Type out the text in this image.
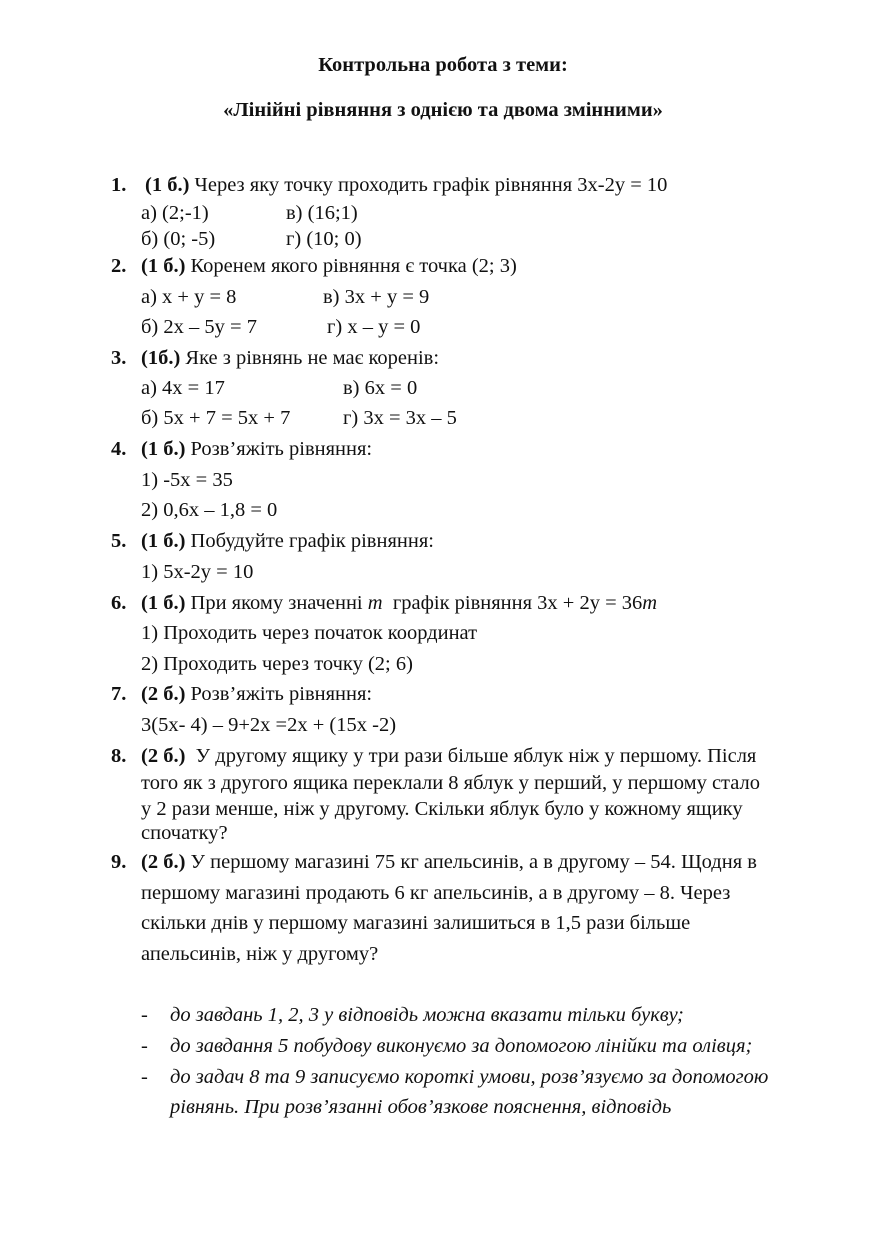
Контрольна робота з теми:
«Лінійні рівняння з однією та двома змінними»
1. (1 б.) Через яку точку проходить графік рівняння 3х-2у = 10
а) (2;-1)	в) (16;1)
б) (0; -5)	г) (10; 0)
2. (1 б.) Коренем якого рівняння є точка (2; 3)
а) х + у = 8	в) 3х + у = 9
б) 2х – 5у = 7	г) х – у = 0
3. (1б.) Яке з рівнянь не має коренів:
а) 4х = 17	в) 6х = 0
б) 5х + 7 = 5х + 7	г) 3х = 3х – 5
4. (1 б.) Розв’яжіть рівняння:
1) -5х = 35
2) 0,6х – 1,8 = 0
5. (1 б.) Побудуйте графік рівняння:
1) 5х-2у = 10
6. (1 б.) При якому значенні m графік рівняння 3х + 2у = 36m
1) Проходить через початок координат
2) Проходить через точку (2; 6)
7. (2 б.) Розв’яжіть рівняння:
3(5х- 4) – 9+2х =2х + (15х -2)
8. (2 б.) У другому ящику у три рази більше яблук ніж у першому. Після
того як з другого ящика переклали 8 яблук у перший, у першому стало
у 2 рази менше, ніж у другому. Скільки яблук було у кожному ящику
спочатку?
9. (2 б.) У першому магазині 75 кг апельсинів, а в другому – 54. Щодня в
першому магазині продають 6 кг апельсинів, а в другому – 8. Через
скільки днів у першому магазині залишиться в 1,5 рази більше
апельсинів, ніж у другому?
- до завдань 1, 2, 3 у відповідь можна вказати тільки букву;
- до завдання 5 побудову виконуємо за допомогою лінійки та олівця;
- до задач 8 та 9 записуємо короткі умови, розв’язуємо за допомогою
рівнянь. При розв’язанні обов’язкове пояснення, відповідь
